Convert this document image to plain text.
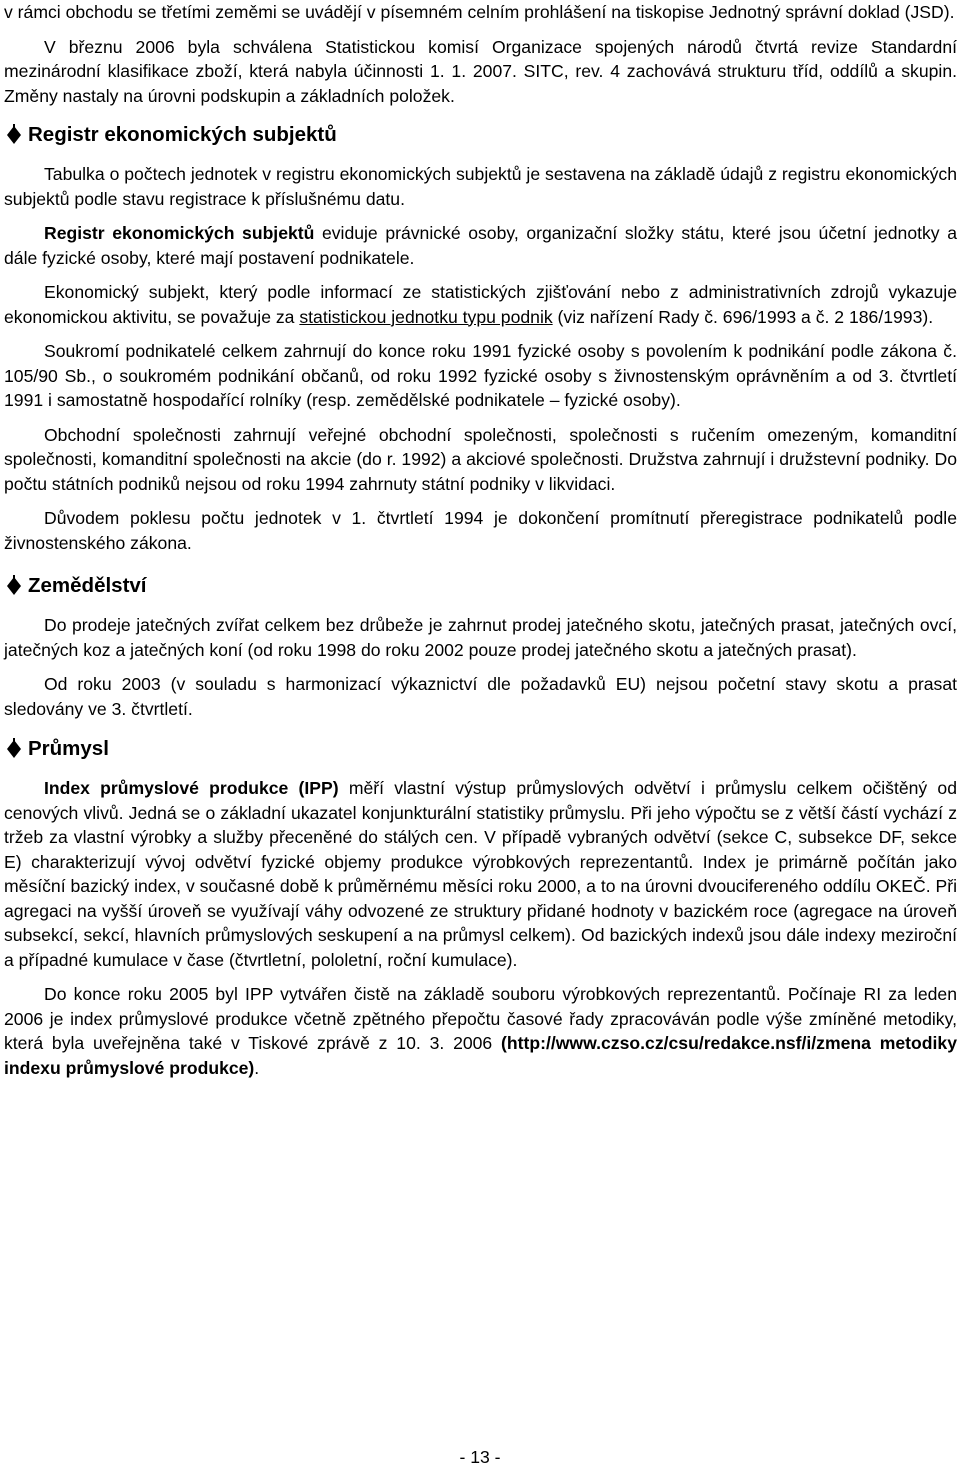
v rámci obchodu se třetími zeměmi se uvádějí v písemném celním prohlášení na tiskopise Jednotný správní doklad (JSD).

V březnu 2006 byla schválena Statistickou komisí Organizace spojených národů čtvrtá revize Standardní mezinárodní klasifikace zboží, která nabyla účinnosti 1. 1. 2007. SITC, rev. 4 zachovává strukturu tříd, oddílů a skupin. Změny nastaly na úrovni podskupin a základních položek.

Registr ekonomických subjektů

Tabulka o počtech jednotek v registru ekonomických subjektů je sestavena na základě údajů z registru ekonomických subjektů podle stavu registrace k příslušnému datu.

Registr ekonomických subjektů eviduje právnické osoby, organizační složky státu, které jsou účetní jednotky a dále fyzické osoby, které mají postavení podnikatele.

Ekonomický subjekt, který podle informací ze statistických zjišťování nebo z administrativních zdrojů vykazuje ekonomickou aktivitu, se považuje za statistickou jednotku typu podnik (viz nařízení Rady č. 696/1993 a č. 2 186/1993).

Soukromí podnikatelé celkem zahrnují do konce roku 1991 fyzické osoby s povolením k podnikání podle zákona č. 105/90 Sb., o soukromém podnikání občanů, od roku 1992 fyzické osoby s živnostenským oprávněním a od 3. čtvrtletí 1991 i samostatně hospodařící rolníky (resp. zemědělské podnikatele – fyzické osoby).

Obchodní společnosti zahrnují veřejné obchodní společnosti, společnosti s ručením omezeným, komanditní společnosti, komanditní společnosti na akcie (do r. 1992) a akciové společnosti. Družstva zahrnují i družstevní podniky. Do počtu státních podniků nejsou od roku 1994 zahrnuty státní podniky v likvidaci.

Důvodem poklesu počtu jednotek v 1. čtvrtletí 1994 je dokončení promítnutí přeregistrace podnikatelů podle živnostenského zákona.

Zemědělství

Do prodeje jatečných zvířat celkem bez drůbeže je zahrnut prodej jatečného skotu, jatečných prasat, jatečných ovcí, jatečných koz a jatečných koní (od roku 1998 do roku 2002 pouze prodej jatečného skotu a jatečných prasat).

Od roku 2003 (v souladu s harmonizací výkaznictví dle požadavků EU) nejsou početní stavy skotu a prasat sledovány ve 3. čtvrtletí.

Průmysl

Index průmyslové produkce (IPP) měří vlastní výstup průmyslových odvětví i průmyslu celkem očištěný od cenových vlivů. Jedná se o základní ukazatel konjunkturální statistiky průmyslu. Při jeho výpočtu se z větší částí vychází z tržeb za vlastní výrobky a služby přeceněné do stálých cen. V případě vybraných odvětví (sekce C, subsekce DF, sekce E) charakterizují vývoj odvětví fyzické objemy produkce výrobkových reprezentantů. Index je primárně počítán jako měsíční bazický index, v současné době k průměrnému měsíci roku 2000, a to na úrovni dvoucifereného oddílu OKEČ. Při agregaci na vyšší úroveň se využívají váhy odvozené ze struktury přidané hodnoty v bazickém roce (agregace na úroveň subsekcí, sekcí, hlavních průmyslových seskupení a na průmysl celkem). Od bazických indexů jsou dále indexy meziroční a případné kumulace v čase (čtvrtletní, pololetní, roční kumulace).

Do konce roku 2005 byl IPP vytvářen čistě na základě souboru výrobkových reprezentantů. Počínaje RI za leden 2006 je index průmyslové produkce včetně zpětného přepočtu časové řady zpracováván podle výše zmíněné metodiky, která byla uveřejněna také v Tiskové zprávě z 10. 3. 2006 (http://www.czso.cz/csu/redakce.nsf/i/zmena metodiky indexu průmyslové produkce).

- 13 -
